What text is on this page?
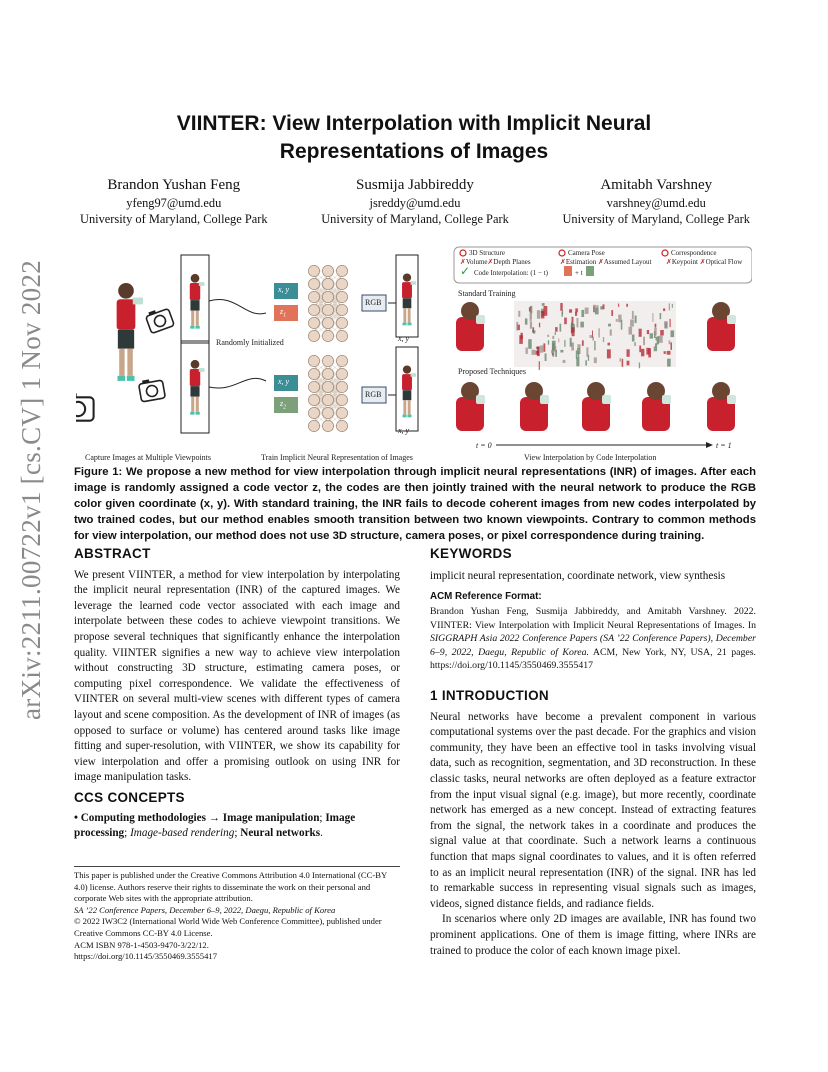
arXiv:2211.00722v1 [cs.CV] 1 Nov 2022
VIINTER: View Interpolation with Implicit Neural Representations of Images
Brandon Yushan Feng
yfeng97@umd.edu
University of Maryland, College Park
Susmija Jabbireddy
jsreddy@umd.edu
University of Maryland, College Park
Amitabh Varshney
varshney@umd.edu
University of Maryland, College Park
✓
Randomly Initialized
x, y
$z_1$
x, y
$z_2$
RGB
RGB
x, y
x, y
3D Structure	Camera Pose	Correspondence
✗Volume✗Depth Planes	✗Estimation ✗Assumed Layout ✗Keypoint ✗Optical Flow
Code Interpolation: (1 − t)	+ t
Standard Training
Proposed Techniques
t = 0	t = 1
Capture Images at Multiple Viewpoints	Train Implicit Neural Representation of Images	View Interpolation by Code Interpolation
Figure 1: We propose a new method for view interpolation through implicit neural representations (INR) of images. After each image is randomly assigned a code vector z, the codes are then jointly trained with the neural network to produce the RGB color given coordinate (x, y). With standard training, the INR fails to decode coherent images from new codes interpolated by two trained codes, but our method enables smooth transition between two known viewpoints. Contrary to common methods for view interpolation, our method does not use 3D structure, camera poses, or pixel correspondence during training.
ABSTRACT

We present VIINTER, a method for view interpolation by interpolating the implicit neural representation (INR) of the captured images. We leverage the learned code vector associated with each image and interpolate between these codes to achieve viewpoint transitions. We propose several techniques that significantly enhance the interpolation quality. VIINTER signifies a new way to achieve view interpolation without constructing 3D structure, estimating camera poses, or computing pixel correspondence. We validate the effectiveness of VIINTER on several multi-view scenes with different types of camera layout and scene composition. As the development of INR of images (as opposed to surface or volume) has centered around tasks like image fitting and super-resolution, with VIINTER, we show its capability for view interpolation and offer a promising outlook on using INR for image manipulation tasks.

CCS CONCEPTS

• Computing methodologies → Image manipulation; Image processing; Image-based rendering; Neural networks.

This paper is published under the Creative Commons Attribution 4.0 International (CC-BY 4.0) license. Authors reserve their rights to disseminate the work on their personal and corporate Web sites with the appropriate attribution.

SA ’22 Conference Papers, December 6–9, 2022, Daegu, Republic of Korea

© 2022 IW3C2 (International World Wide Web Conference Committee), published under Creative Commons CC-BY 4.0 License.

ACM ISBN 978-1-4503-9470-3/22/12.

https://doi.org/10.1145/3550469.3555417

KEYWORDS

implicit neural representation, coordinate network, view synthesis

ACM Reference Format:

Brandon Yushan Feng, Susmija Jabbireddy, and Amitabh Varshney. 2022. VIINTER: View Interpolation with Implicit Neural Representations of Images. In SIGGRAPH Asia 2022 Conference Papers (SA ’22 Conference Papers), December 6–9, 2022, Daegu, Republic of Korea. ACM, New York, NY, USA, 21 pages. https://doi.org/10.1145/3550469.3555417

1 INTRODUCTION

Neural networks have become a prevalent component in various computational systems over the past decade. For the graphics and vision community, they have been an effective tool in tasks involving visual data, such as recognition, segmentation, and 3D reconstruction. In these classic tasks, neural networks are often deployed as a feature extractor from the input visual signal (e.g. image), but more recently, coordinate network has emerged as a new concept. Instead of extracting features from the signal, the network takes in a coordinate and produces the signal value at that coordinate. Such a network learns a continuous function that maps signal coordinates to values, and it is often referred to as an implicit neural representation (INR) of the signal. INR has led to remarkable success in representing visual signals such as images, videos, signed distance fields, and radiance fields.

In scenarios where only 2D images are available, INR has found two prominent applications. One of them is image fitting, where INRs are trained to produce the color of each known image pixel.
